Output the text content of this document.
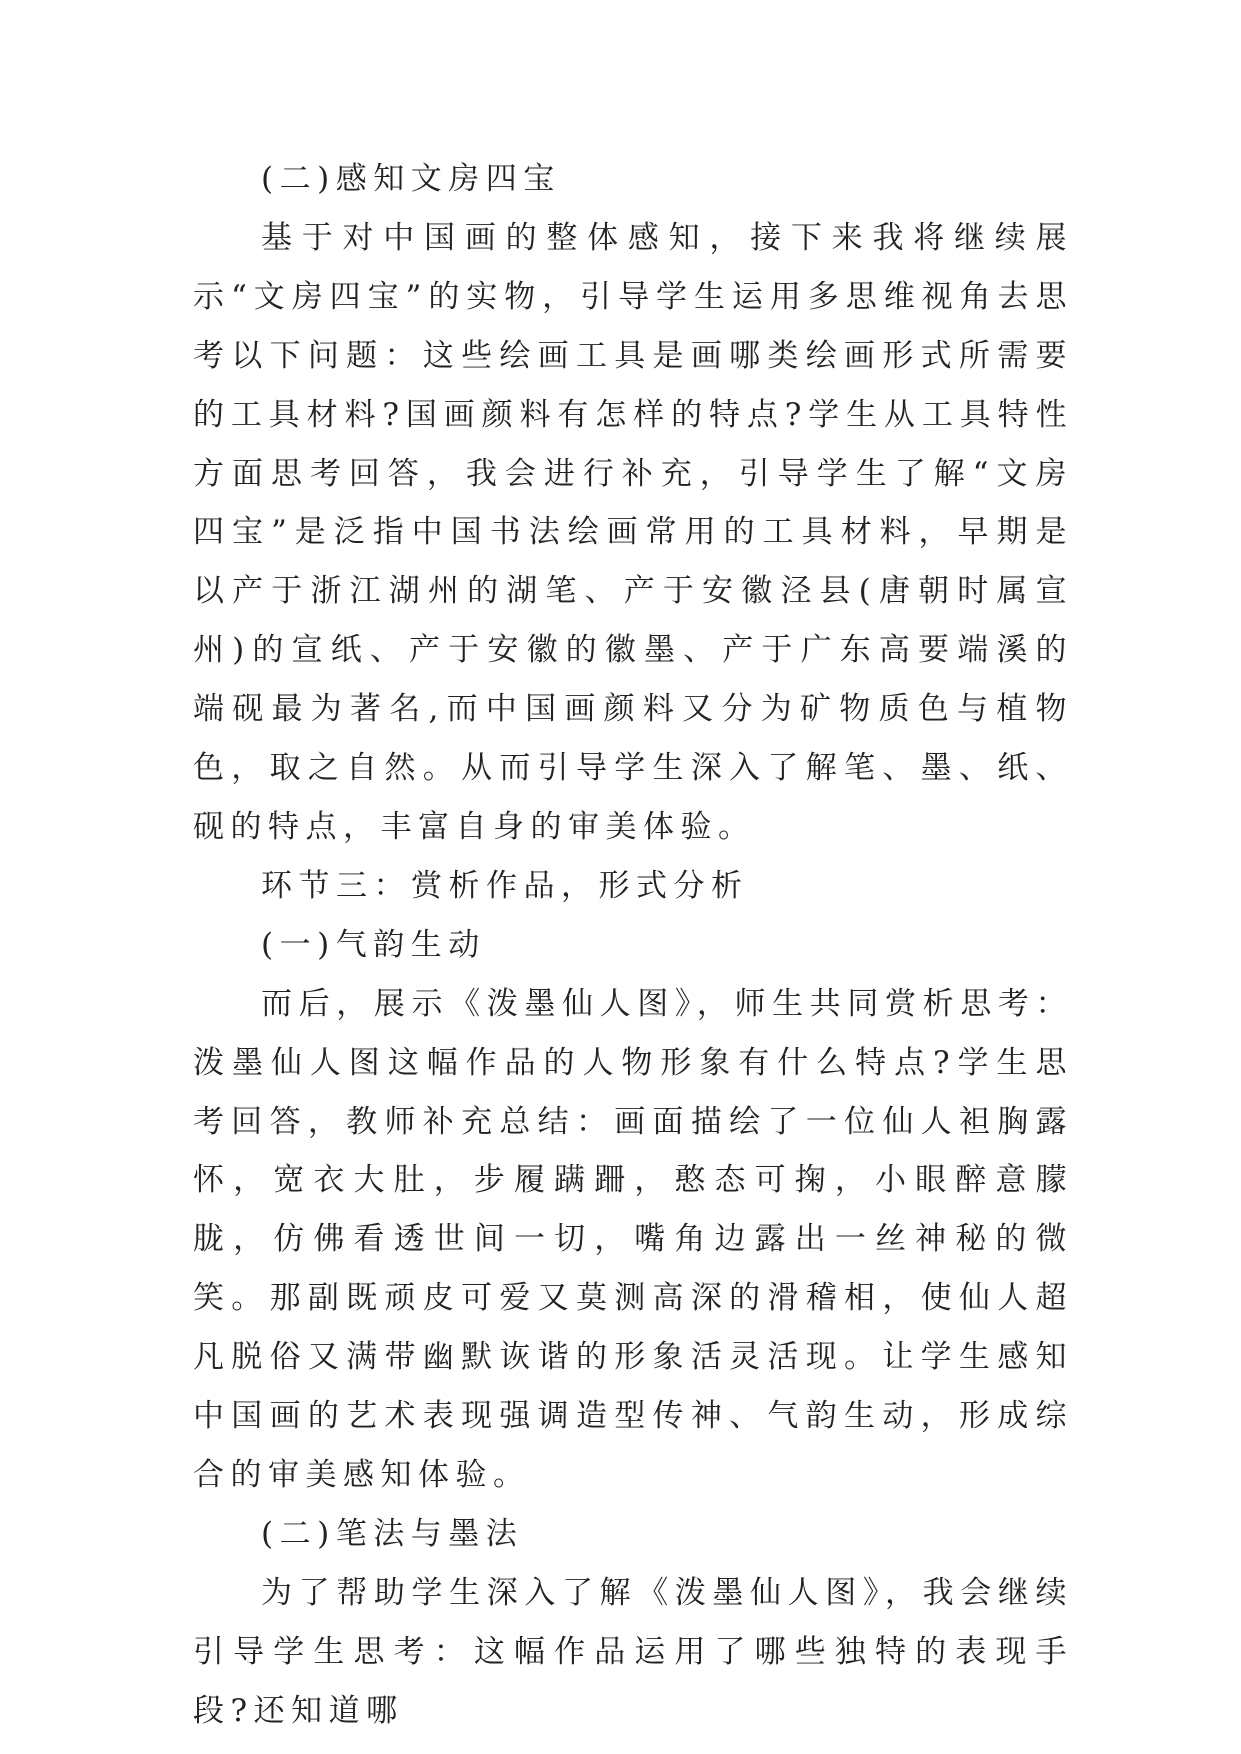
(二)感知文房四宝

基于对中国画的整体感知，接下来我将继续展示“文房四宝”的实物，引导学生运用多思维视角去思考以下问题：这些绘画工具是画哪类绘画形式所需要的工具材料?国画颜料有怎样的特点?学生从工具特性方面思考回答，我会进行补充，引导学生了解“文房四宝”是泛指中国书法绘画常用的工具材料，早期是以产于浙江湖州的湖笔、产于安徽泾县(唐朝时属宣州)的宣纸、产于安徽的徽墨、产于广东高要端溪的端砚最为著名,而中国画颜料又分为矿物质色与植物色，取之自然。从而引导学生深入了解笔、墨、纸、砚的特点，丰富自身的审美体验。

环节三：赏析作品，形式分析

(一)气韵生动

而后，展示《泼墨仙人图》，师生共同赏析思考：泼墨仙人图这幅作品的人物形象有什么特点?学生思考回答，教师补充总结：画面描绘了一位仙人袒胸露怀，宽衣大肚，步履蹒跚，憨态可掬，小眼醉意朦胧，仿佛看透世间一切，嘴角边露出一丝神秘的微笑。那副既顽皮可爱又莫测高深的滑稽相，使仙人超凡脱俗又满带幽默诙谐的形象活灵活现。让学生感知中国画的艺术表现强调造型传神、气韵生动，形成综合的审美感知体验。

(二)笔法与墨法

为了帮助学生深入了解《泼墨仙人图》，我会继续引导学生思考：这幅作品运用了哪些独特的表现手段?还知道哪
